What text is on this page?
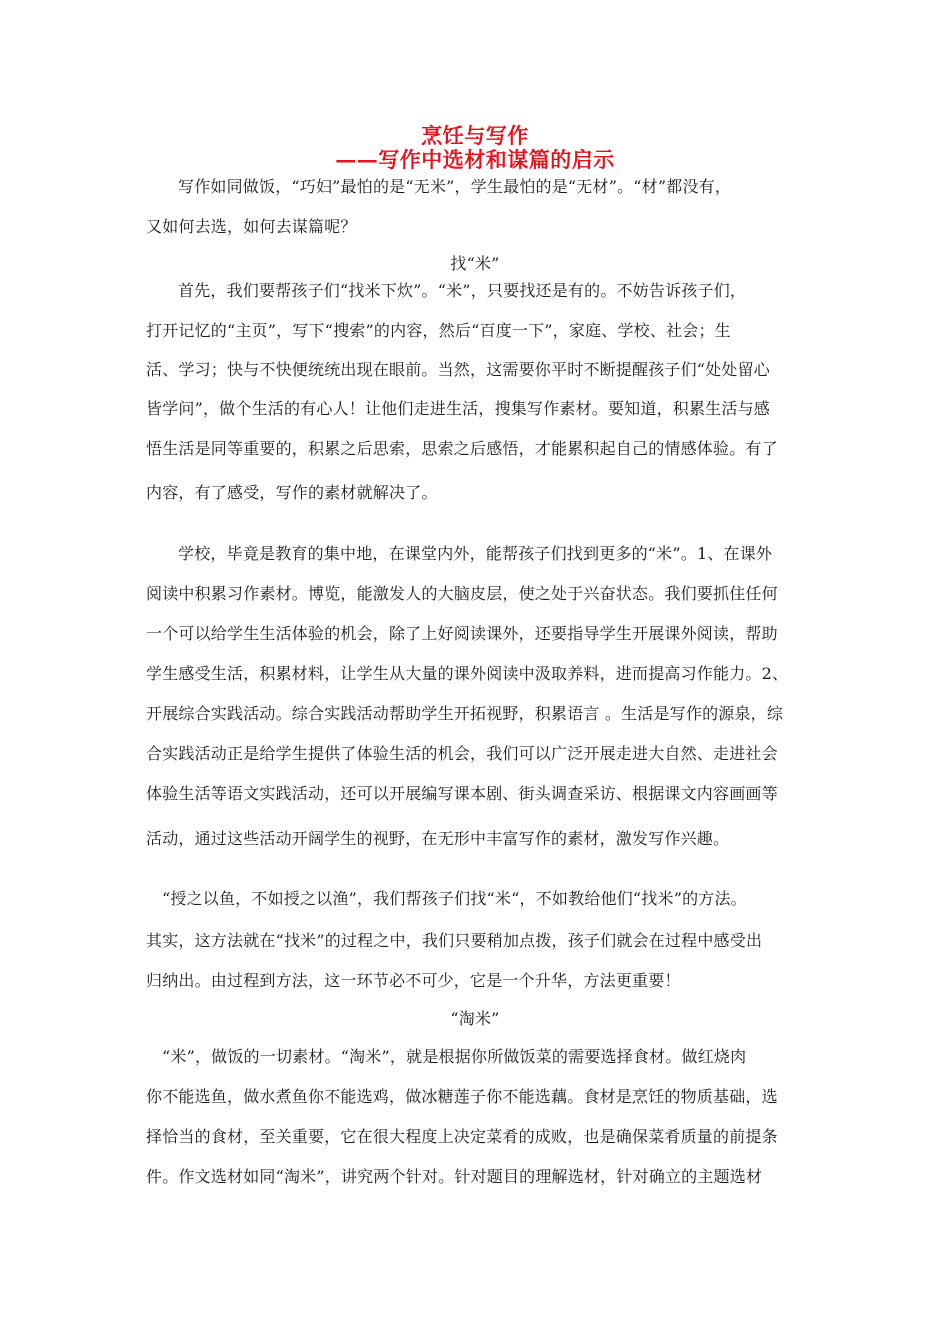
烹饪与写作
——写作中选材和谋篇的启示
写作如同做饭，“巧妇”最怕的是“无米”，学生最怕的是“无材”。“材”都没有，
又如何去选，如何去谋篇呢？
找“米”
首先，我们要帮孩子们“找米下炊”。“米”，只要找还是有的。不妨告诉孩子们，
打开记忆的“主页”，写下“搜索”的内容，然后“百度一下”，家庭、学校、社会；生
活、学习；快与不快便统统出现在眼前。当然，这需要你平时不断提醒孩子们“处处留心
皆学问”，做个生活的有心人！让他们走进生活，搜集写作素材。要知道，积累生活与感
悟生活是同等重要的，积累之后思索，思索之后感悟，才能累积起自己的情感体验。有了
内容，有了感受，写作的素材就解决了。
学校，毕竟是教育的集中地，在课堂内外，能帮孩子们找到更多的“米”。1、在课外
阅读中积累习作素材。博览，能激发人的大脑皮层，使之处于兴奋状态。我们要抓住任何
一个可以给学生生活体验的机会，除了上好阅读课外，还要指导学生开展课外阅读，帮助
学生感受生活，积累材料，让学生从大量的课外阅读中汲取养料，进而提高习作能力。2、
开展综合实践活动。综合实践活动帮助学生开拓视野，积累语言 。生活是写作的源泉，综
合实践活动正是给学生提供了体验生活的机会，我们可以广泛开展走进大自然、走进社会
体验生活等语文实践活动，还可以开展编写课本剧、街头调查采访、根据课文内容画画等
活动，通过这些活动开阔学生的视野，在无形中丰富写作的素材，激发写作兴趣。
“授之以鱼，不如授之以渔”，我们帮孩子们找“米“，不如教给他们“找米”的方法。
其实，这方法就在“找米”的过程之中，我们只要稍加点拨，孩子们就会在过程中感受出
归纳出。由过程到方法，这一环节必不可少，它是一个升华，方法更重要！
“淘米”
“米”，做饭的一切素材。“淘米”，就是根据你所做饭菜的需要选择食材。做红烧肉
你不能选鱼，做水煮鱼你不能选鸡，做冰糖莲子你不能选藕。食材是烹饪的物质基础，选
择恰当的食材，至关重要，它在很大程度上决定菜肴的成败，也是确保菜肴质量的前提条
件。作文选材如同“淘米”，讲究两个针对。针对题目的理解选材，针对确立的主题选材
